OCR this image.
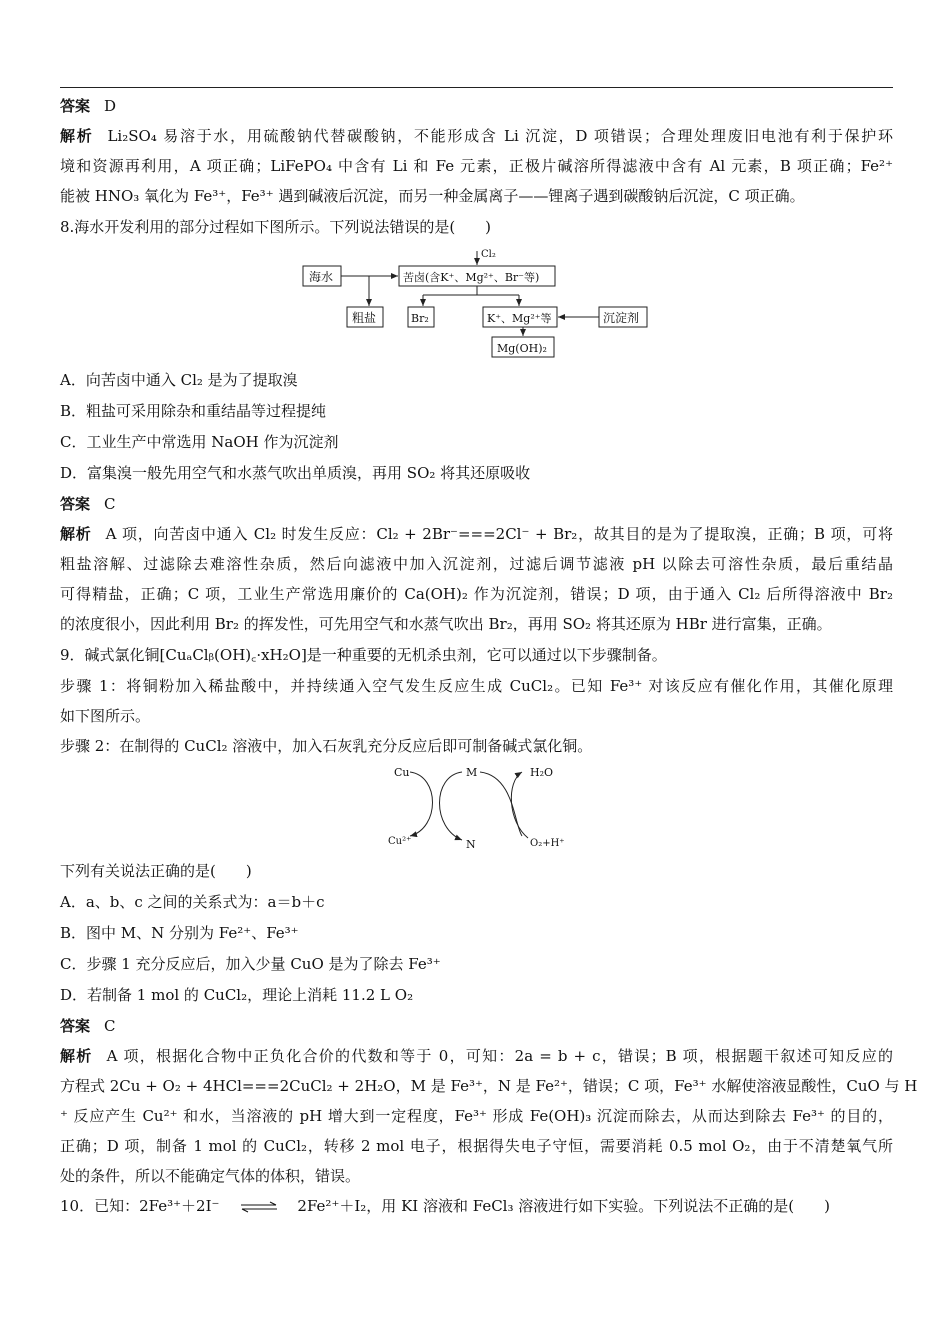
答案 D
解析 Li₂SO₄ 易溶于水，用硫酸钠代替碳酸钠，不能形成含 Li 沉淀，D 项错误；合理处理废旧电池有利于保护环
境和资源再利用，A 项正确；LiFePO₄ 中含有 Li 和 Fe 元素，正极片碱溶所得滤液中含有 Al 元素，B 项正确；Fe²⁺
能被 HNO₃ 氧化为 Fe³⁺，Fe³⁺ 遇到碱液后沉淀，而另一种金属离子——锂离子遇到碳酸钠后沉淀，C 项正确。
8.海水开发利用的部分过程如下图所示。下列说法错误的是(　　)
Cl₂
海水	苦卤(含K⁺、Mg²⁺、Br⁻等)
粗盐	Br₂	K⁺、Mg²⁺等	沉淀剂
Mg(OH)₂
A．向苦卤中通入 Cl₂ 是为了提取溴
B．粗盐可采用除杂和重结晶等过程提纯
C．工业生产中常选用 NaOH 作为沉淀剂
D．富集溴一般先用空气和水蒸气吹出单质溴，再用 SO₂ 将其还原吸收
答案 C
解析 A 项，向苦卤中通入 Cl₂ 时发生反应：Cl₂ + 2Br⁻===2Cl⁻ + Br₂，故其目的是为了提取溴，正确；B 项，可将
粗盐溶解、过滤除去难溶性杂质，然后向滤液中加入沉淀剂，过滤后调节滤液 pH 以除去可溶性杂质，最后重结晶
可得精盐，正确；C 项，工业生产常选用廉价的 Ca(OH)₂ 作为沉淀剂，错误；D 项，由于通入 Cl₂ 后所得溶液中 Br₂
的浓度很小，因此利用 Br₂ 的挥发性，可先用空气和水蒸气吹出 Br₂，再用 SO₂ 将其还原为 HBr 进行富集，正确。
9．碱式氯化铜[CuₐClᵦ(OH)꜀·xH₂O]是一种重要的无机杀虫剂，它可以通过以下步骤制备。
步骤 1：将铜粉加入稀盐酸中，并持续通入空气发生反应生成 CuCl₂。已知 Fe³⁺ 对该反应有催化作用，其催化原理
如下图所示。
步骤 2：在制得的 CuCl₂ 溶液中，加入石灰乳充分反应后即可制备碱式氯化铜。
Cu	M	H₂O
Cu²⁺	N	O₂+H⁺
下列有关说法正确的是(　　)
A．a、b、c 之间的关系式为：a＝b＋c
B．图中 M、N 分别为 Fe²⁺、Fe³⁺
C．步骤 1 充分反应后，加入少量 CuO 是为了除去 Fe³⁺
D．若制备 1 mol 的 CuCl₂，理论上消耗 11.2 L O₂
答案 C
解析 A 项，根据化合物中正负化合价的代数和等于 0，可知：2a = b + c，错误；B 项，根据题干叙述可知反应的
方程式 2Cu + O₂ + 4HCl===2CuCl₂ + 2H₂O，M 是 Fe³⁺，N 是 Fe²⁺，错误；C 项，Fe³⁺ 水解使溶液显酸性，CuO 与 H
⁺ 反应产生 Cu²⁺ 和水，当溶液的 pH 增大到一定程度，Fe³⁺ 形成 Fe(OH)₃ 沉淀而除去，从而达到除去 Fe³⁺ 的目的，
正确；D 项，制备 1 mol 的 CuCl₂，转移 2 mol 电子，根据得失电子守恒，需要消耗 0.5 mol O₂，由于不清楚氧气所
处的条件，所以不能确定气体的体积，错误。
10．已知：2Fe³⁺＋2I⁻ ⇌ 2Fe²⁺＋I₂，用 KI 溶液和 FeCl₃ 溶液进行如下实验。下列说法不正确的是(　　)
